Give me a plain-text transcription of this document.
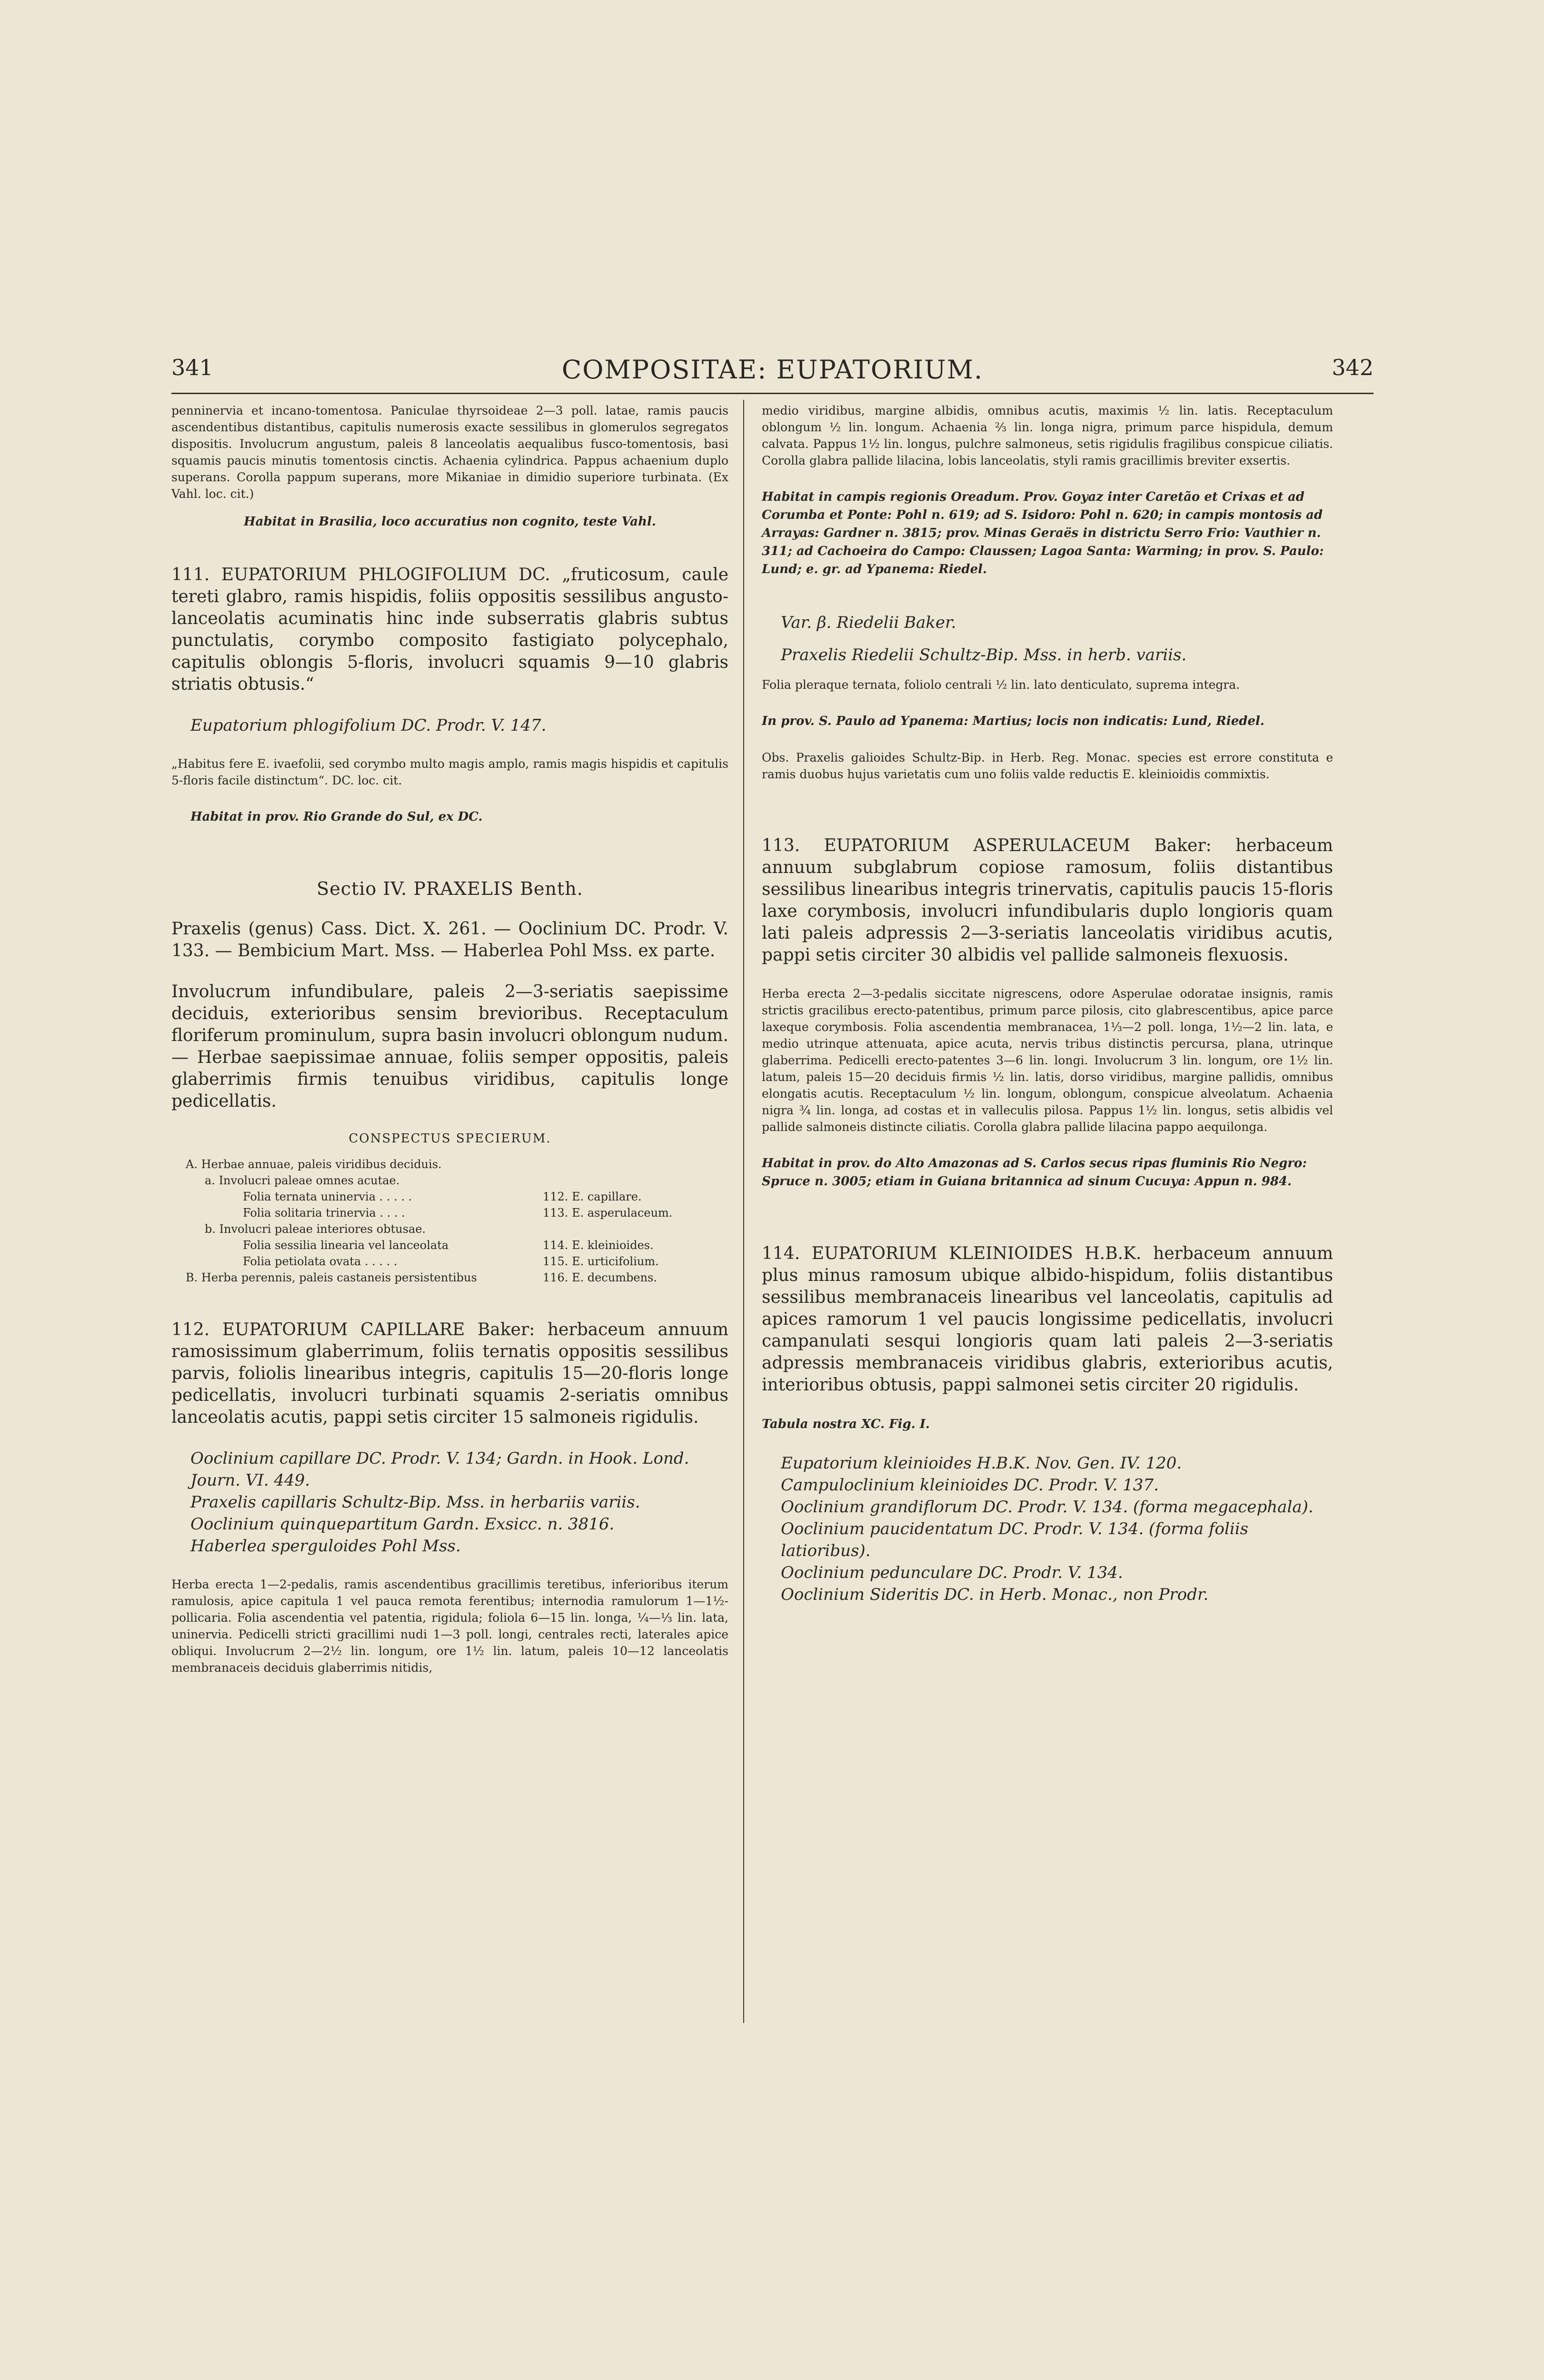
341	COMPOSITAE: EUPATORIUM.	342

penninervia et incano-tomentosa. Paniculae thyrsoideae 2—3 poll. latae, ramis paucis ascendentibus distantibus, capitulis numerosis exacte sessilibus in glomerulos segregatos dispositis. Involucrum angustum, paleis 8 lanceolatis aequalibus fusco-tomentosis, basi squamis paucis minutis tomentosis cinctis. Achaenia cylindrica. Pappus achaenium duplo superans. Corolla pappum superans, more Mikaniae in dimidio superiore turbinata. (Ex Vahl. loc. cit.)

Habitat in Brasilia, loco accuratius non cognito, teste Vahl.

111. EUPATORIUM PHLOGIFOLIUM DC. „fruticosum, caule tereti glabro, ramis hispidis, foliis oppositis sessilibus angusto-lanceolatis acuminatis hinc inde subserratis glabris subtus punctulatis, corymbo composito fastigiato polycephalo, capitulis oblongis 5-floris, involucri squamis 9—10 glabris striatis obtusis.“

Eupatorium phlogifolium DC. Prodr. V. 147.

„Habitus fere E. ivaefolii, sed corymbo multo magis amplo, ramis magis hispidis et capitulis 5-floris facile distinctum“. DC. loc. cit.

Habitat in prov. Rio Grande do Sul, ex DC.

Sectio IV. PRAXELIS Benth.

Praxelis (genus) Cass. Dict. X. 261. — Ooclinium DC. Prodr. V. 133. — Bembicium Mart. Mss. — Haberlea Pohl Mss. ex parte.

Involucrum infundibulare, paleis 2—3-seriatis saepissime deciduis, exterioribus sensim brevioribus. Receptaculum floriferum prominulum, supra basin involucri oblongum nudum. — Herbae saepissimae annuae, foliis semper oppositis, paleis glaberrimis firmis tenuibus viridibus, capitulis longe pedicellatis.

CONSPECTUS SPECIERUM.

A. Herbae annuae, paleis viridibus deciduis.

a. Involucri paleae omnes acutae.

Folia ternata uninervia . . . . .	112. E. capillare.

Folia solitaria trinervia . . . .	113. E. asperulaceum.

b. Involucri paleae interiores obtusae.

Folia sessilia linearia vel lanceolata	114. E. kleinioides.

Folia petiolata ovata . . . . .	115. E. urticifolium.

B. Herba perennis, paleis castaneis persistentibus	116. E. decumbens.

112. EUPATORIUM CAPILLARE Baker: herbaceum annuum ramosissimum glaberrimum, foliis ternatis oppositis sessilibus parvis, foliolis linearibus integris, capitulis 15—20-floris longe pedicellatis, involucri turbinati squamis 2-seriatis omnibus lanceolatis acutis, pappi setis circiter 15 salmoneis rigidulis.

Ooclinium capillare DC. Prodr. V. 134; Gardn. in Hook. Lond. Journ. VI. 449.

Praxelis capillaris Schultz-Bip. Mss. in herbariis variis.

Ooclinium quinquepartitum Gardn. Exsicc. n. 3816.

Haberlea spergulοides Pohl Mss.

Herba erecta 1—2-pedalis, ramis ascendentibus gracillimis teretibus, inferioribus iterum ramulosis, apice capitula 1 vel pauca remota ferentibus; internodia ramulorum 1—1½-pollicaria. Folia ascendentia vel patentia, rigidula; foliola 6—15 lin. longa, ¼—⅓ lin. lata, uninervia. Pedicelli stricti gracillimi nudi 1—3 poll. longi, centrales recti, laterales apice obliqui. Involucrum 2—2½ lin. longum, ore 1½ lin. latum, paleis 10—12 lanceolatis membranaceis deciduis glaberrimis nitidis,

medio viridibus, margine albidis, omnibus acutis, maximis ½ lin. latis. Receptaculum oblongum ½ lin. longum. Achaenia ⅔ lin. longa nigra, primum parce hispidula, demum calvata. Pappus 1½ lin. longus, pulchre salmoneus, setis rigidulis fragilibus conspicue ciliatis. Corolla glabra pallide lilacina, lobis lanceolatis, styli ramis gracillimis breviter exsertis.

Habitat in campis regionis Oreadum. Prov. Goyaz inter Caretão et Crixas et ad Corumba et Ponte: Pohl n. 619; ad S. Isidoro: Pohl n. 620; in campis montosis ad Arrayas: Gardner n. 3815; prov. Minas Geraës in districtu Serro Frio: Vauthier n. 311; ad Cachoeira do Campo: Claussen; Lagoa Santa: Warming; in prov. S. Paulo: Lund; e. gr. ad Ypanema: Riedel.

Var. β. Riedelii Baker.

Praxelis Riedelii Schultz-Bip. Mss. in herb. variis.

Folia pleraque ternata, foliolo centrali ½ lin. lato denticulato, suprema integra.

In prov. S. Paulo ad Ypanema: Martius; locis non indicatis: Lund, Riedel.

Obs. Praxelis galioides Schultz-Bip. in Herb. Reg. Monac. species est errore constituta e ramis duobus hujus varietatis cum uno foliis valde reductis E. kleinioidis commixtis.

113. EUPATORIUM ASPERULACEUM Baker: herbaceum annuum subglabrum copiose ramosum, foliis distantibus sessilibus linearibus integris trinervatis, capitulis paucis 15-floris laxe corymbosis, involucri infundibularis duplo longioris quam lati paleis adpressis 2—3-seriatis lanceolatis viridibus acutis, pappi setis circiter 30 albidis vel pallide salmoneis flexuosis.

Herba erecta 2—3-pedalis siccitate nigrescens, odore Asperulae odoratae insignis, ramis strictis gracilibus erecto-patentibus, primum parce pilosis, cito glabrescentibus, apice parce laxeque corymbosis. Folia ascendentia membranacea, 1⅓—2 poll. longa, 1½—2 lin. lata, e medio utrinque attenuata, apice acuta, nervis tribus distinctis percursa, plana, utrinque glaberrima. Pedicelli erecto-patentes 3—6 lin. longi. Involucrum 3 lin. longum, ore 1½ lin. latum, paleis 15—20 deciduis firmis ½ lin. latis, dorso viridibus, margine pallidis, omnibus elongatis acutis. Receptaculum ½ lin. longum, oblongum, conspicue alveolatum. Achaenia nigra ¾ lin. longa, ad costas et in valleculis pilosa. Pappus 1½ lin. longus, setis albidis vel pallide salmoneis distincte ciliatis. Corolla glabra pallide lilacina pappo aequilonga.

Habitat in prov. do Alto Amazonas ad S. Carlos secus ripas fluminis Rio Negro: Spruce n. 3005; etiam in Guiana britannica ad sinum Cucuya: Appun n. 984.

114. EUPATORIUM KLEINIOIDES H.B.K. herbaceum annuum plus minus ramosum ubique albido-hispidum, foliis distantibus sessilibus membranaceis linearibus vel lanceolatis, capitulis ad apices ramorum 1 vel paucis longissime pedicellatis, involucri campanulati sesqui longioris quam lati paleis 2—3-seriatis adpressis membranaceis viridibus glabris, exterioribus acutis, interioribus obtusis, pappi salmonei setis circiter 20 rigidulis.

Tabula nostra XC. Fig. I.

Eupatorium kleinioides H.B.K. Nov. Gen. IV. 120.

Campuloclinium kleinioides DC. Prodr. V. 137.

Ooclinium grandiflorum DC. Prodr. V. 134. (forma megacephala).

Ooclinium paucidentatum DC. Prodr. V. 134. (forma foliis latioribus).

Ooclinium pedunculare DC. Prodr. V. 134.

Ooclinium Sideritis DC. in Herb. Monac., non Prodr.
